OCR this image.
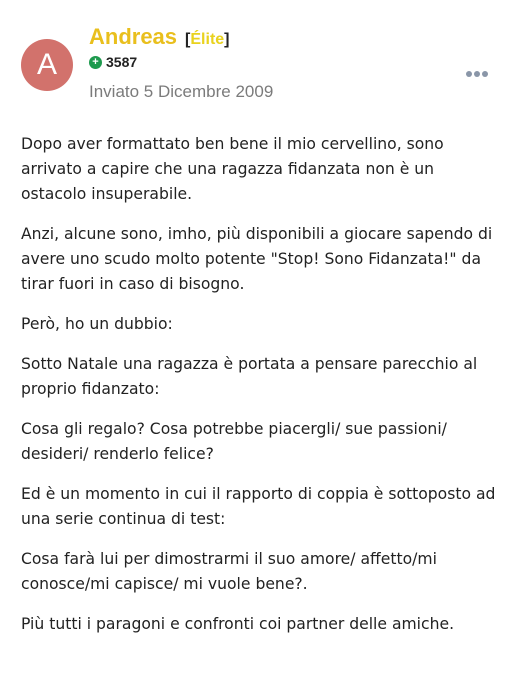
A
Andreas [Élite]
+ 3587
Inviato 5 Dicembre 2009

Dopo aver formattato ben bene il mio cervellino, sono arrivato a capire che una ragazza fidanzata non è un ostacolo insuperabile.

Anzi, alcune sono, imho, più disponibili a giocare sapendo di avere uno scudo molto potente "Stop! Sono Fidanzata!" da tirar fuori in caso di bisogno.

Però, ho un dubbio:

Sotto Natale una ragazza è portata a pensare parecchio al proprio fidanzato:

Cosa gli regalo? Cosa potrebbe piacergli/ sue passioni/ desideri/ renderlo felice?

Ed è un momento in cui il rapporto di coppia è sottoposto ad una serie continua di test:

Cosa farà lui per dimostrarmi il suo amore/ affetto/mi conosce/mi capisce/ mi vuole bene?.

Più tutti i paragoni e confronti coi partner delle amiche.
